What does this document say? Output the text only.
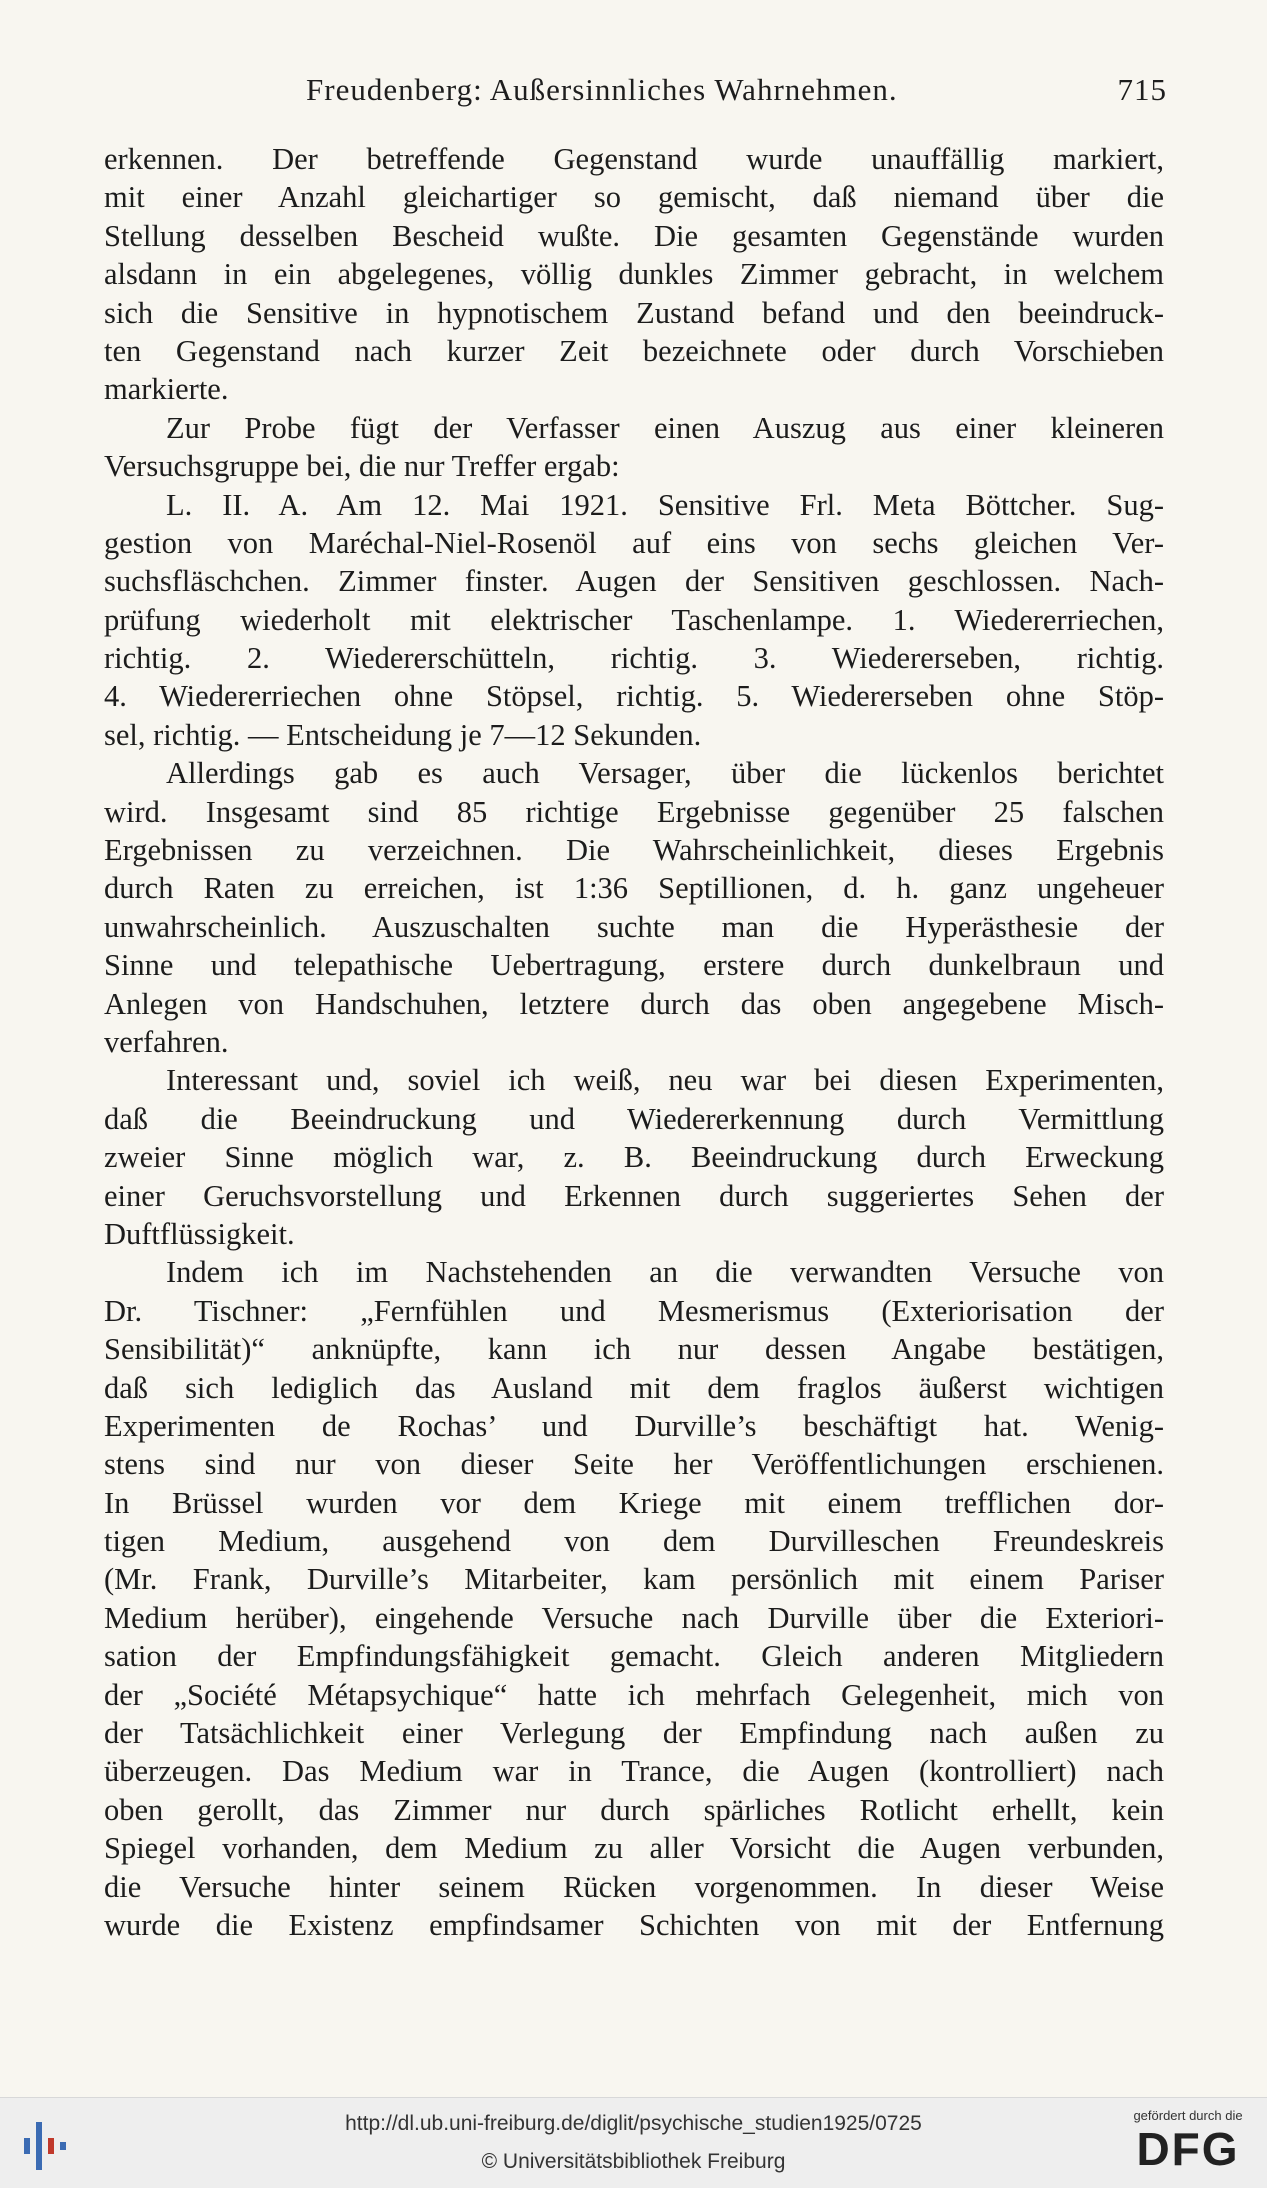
Freudenberg: Außersinnliches Wahrnehmen.	715
erkennen. Der betreffende Gegenstand wurde unauffällig markiert,
mit einer Anzahl gleichartiger so gemischt, daß niemand über die
Stellung desselben Bescheid wußte. Die gesamten Gegenstände wurden
alsdann in ein abgelegenes, völlig dunkles Zimmer gebracht, in welchem
sich die Sensitive in hypnotischem Zustand befand und den beeindruck-
ten Gegenstand nach kurzer Zeit bezeichnete oder durch Vorschieben
markierte.
Zur Probe fügt der Verfasser einen Auszug aus einer kleineren
Versuchsgruppe bei, die nur Treffer ergab:
L. II. A. Am 12. Mai 1921. Sensitive Frl. Meta Böttcher. Sug-
gestion von Maréchal-Niel-Rosenöl auf eins von sechs gleichen Ver-
suchsfläschchen. Zimmer finster. Augen der Sensitiven geschlossen. Nach-
prüfung wiederholt mit elektrischer Taschenlampe. 1. Wiedererriechen,
richtig. 2. Wiedererschütteln, richtig. 3. Wiedererseben, richtig.
4. Wiedererriechen ohne Stöpsel, richtig. 5. Wiedererseben ohne Stöp-
sel, richtig. — Entscheidung je 7—12 Sekunden.
Allerdings gab es auch Versager, über die lückenlos berichtet
wird. Insgesamt sind 85 richtige Ergebnisse gegenüber 25 falschen
Ergebnissen zu verzeichnen. Die Wahrscheinlichkeit, dieses Ergebnis
durch Raten zu erreichen, ist 1:36 Septillionen, d. h. ganz ungeheuer
unwahrscheinlich. Auszuschalten suchte man die Hyperästhesie der
Sinne und telepathische Uebertragung, erstere durch dunkelbraun und
Anlegen von Handschuhen, letztere durch das oben angegebene Misch-
verfahren.
Interessant und, soviel ich weiß, neu war bei diesen Experimenten,
daß die Beeindruckung und Wiedererkennung durch Vermittlung
zweier Sinne möglich war, z. B. Beeindruckung durch Erweckung
einer Geruchsvorstellung und Erkennen durch suggeriertes Sehen der
Duftflüssigkeit.
Indem ich im Nachstehenden an die verwandten Versuche von
Dr. Tischner: „Fernfühlen und Mesmerismus (Exteriorisation der
Sensibilität)“ anknüpfte, kann ich nur dessen Angabe bestätigen,
daß sich lediglich das Ausland mit dem fraglos äußerst wichtigen
Experimenten de Rochas’ und Durville’s beschäftigt hat. Wenig-
stens sind nur von dieser Seite her Veröffentlichungen erschienen.
In Brüssel wurden vor dem Kriege mit einem trefflichen dor-
tigen Medium, ausgehend von dem Durvilleschen Freundeskreis
(Mr. Frank, Durville’s Mitarbeiter, kam persönlich mit einem Pariser
Medium herüber), eingehende Versuche nach Durville über die Exteriori-
sation der Empfindungsfähigkeit gemacht. Gleich anderen Mitgliedern
der „Société Métapsychique“ hatte ich mehrfach Gelegenheit, mich von
der Tatsächlichkeit einer Verlegung der Empfindung nach außen zu
überzeugen. Das Medium war in Trance, die Augen (kontrolliert) nach
oben gerollt, das Zimmer nur durch spärliches Rotlicht erhellt, kein
Spiegel vorhanden, dem Medium zu aller Vorsicht die Augen verbunden,
die Versuche hinter seinem Rücken vorgenommen. In dieser Weise
wurde die Existenz empfindsamer Schichten von mit der Entfernung
http://dl.ub.uni-freiburg.de/diglit/psychische_studien1925/0725
© Universitätsbibliothek Freiburg
gefördert durch die
DFG
